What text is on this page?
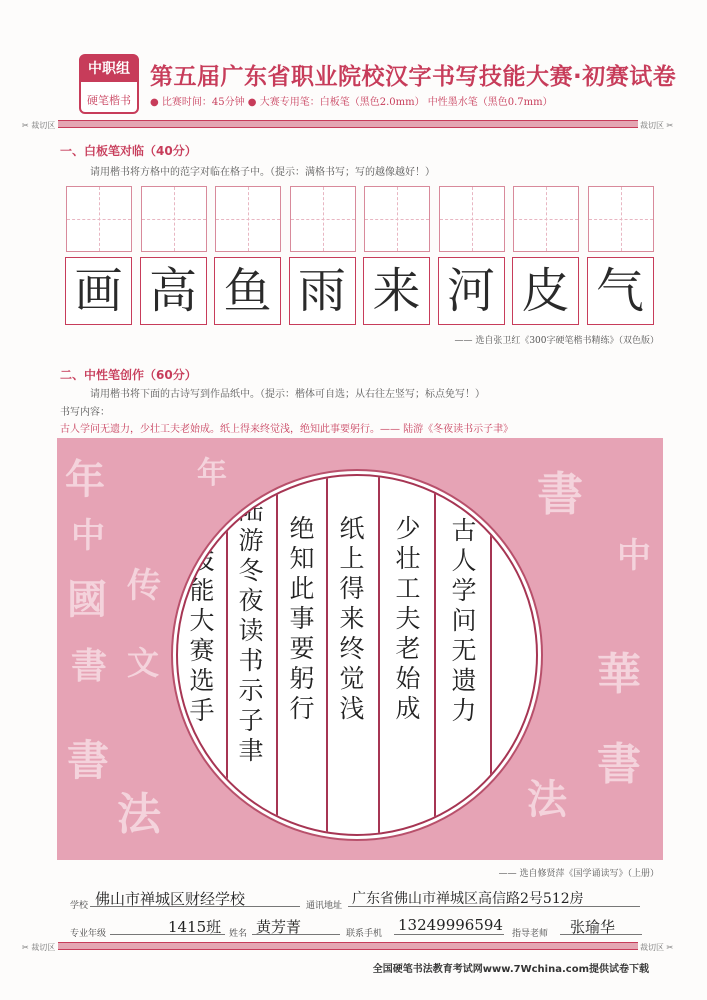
中职组
硬笔楷书
第五届广东省职业院校汉字书写技能大赛·初赛试卷
● 比赛时间：45分钟 ● 大赛专用笔：白板笔（黑色2.0mm） 中性墨水笔（黑色0.7mm）
✂ 裁切区	裁切区 ✂
一、白板笔对临（40分）
请用楷书将方格中的范字对临在格子中。（提示：满格书写；写的越像越好！）
画 高 鱼 雨 来 河 皮 气
—— 选自张卫红《300字硬笔楷书精练》（双色版）
二、中性笔创作（60分）
请用楷书将下面的古诗写到作品纸中。（提示：楷体可自选；从右往左竖写；标点免写！）
书写内容：
古人学问无遗力，少壮工夫老始成。纸上得来终觉浅，绝知此事要躬行。—— 陆游《冬夜读书示子聿》
年
中
國
書
書
传
文
法
書
中
華
書
法
年
古
人
学
问
无
遗
力
少
壮
工
夫
老
始
成
纸
上
得
来
终
觉
浅
绝
知
此
事
要
躬
行
陆
游
冬
夜
读
书
示
子
聿
技
能
大
赛
选
手
—— 选自修贤萍《国学诵读写》（上册）
学校 佛山市禅城区财经学校	通讯地址 广东省佛山市禅城区高信路2号512房
专业年级	1415班 姓名 黄芳菁	联系手机 13249996594 指导老师 张瑜华
✂ 裁切区	裁切区 ✂
全国硬笔书法教育考试网www.7Wchina.com提供试卷下载
